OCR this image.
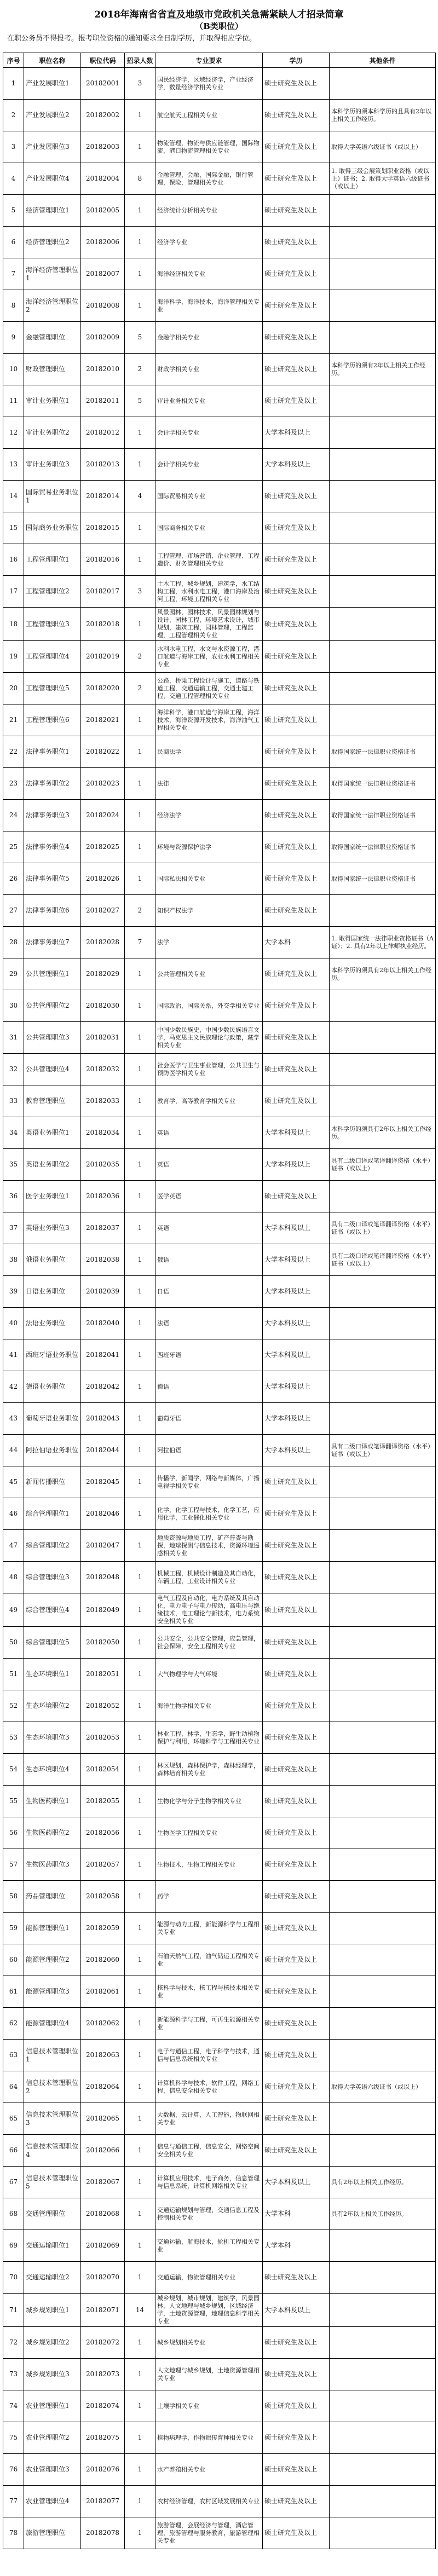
2018年海南省省直及地级市党政机关急需紧缺人才招录简章
（B类职位）
在职公务员不得报考。报考职位资格的通知要求全日制学历，并取得相应学位。
序号	职位名称	职位代码	招录人数	专业要求	学历	其他条件
1	产业发展职位1	20182001	3	国民经济学，区域经济学，产业经济学，数量经济学相关专业	硕士研究生及以上	
2	产业发展职位2	20182002	1	航空航天工程相关专业	硕士研究生及以上	本科学历的须本科学历的且具有2年以上相关工作经历。
3	产业发展职位3	20182003	1	物流管理，物流与供应链管理，国际物流，港口物流管理相关专业	硕士研究生及以上	取得大学英语六级证书（或以上）
4	产业发展职位4	20182004	8	金融管理，会融，国际金融，银行管理，保险，管理相关专业	硕士研究生及以上	1. 取得三级会展策划职业资格（或以上）证书；2. 取得大学英语六级证书（或以上）
5	经济管理职位1	20182005	1	经济统计分析相关专业	硕士研究生及以上	
6	经济管理职位2	20182006	1	经济学专业	硕士研究生及以上	
7	海洋经济管理职位1	20182007	1	海洋经济相关专业	硕士研究生及以上	
8	海洋经济管理职位2	20182008	1	海洋科学，海洋技术，海洋管理相关专业	硕士研究生及以上	
9	金融管理职位	20182009	5	金融学相关专业	硕士研究生及以上	
10	财政管理职位	20182010	2	财政学相关专业	硕士研究生及以上	本科学历的须有2年以上相关工作经历。
11	审计业务职位1	20182011	5	审计业务相关专业	硕士研究生及以上	
12	审计业务职位2	20182012	1	会计学相关专业	大学本科及以上	
13	审计业务职位3	20182013	1	会计学相关专业	大学本科及以上	
14	国际贸易业务职位1	20182014	4	国际贸易相关专业	硕士研究生及以上	
15	国际商务业务职位	20182015	1	国际商务相关专业	硕士研究生及以上	
16	工程管理职位1	20182016	1	工程管理、市场营销、企业管理、工程造价、财务管理相关专业	硕士研究生及以上	
17	工程管理职位2	20182017	3	土木工程，城乡规划，建筑学，水工结构工程，水利水电工程，港口海岸及治河工程，环境工程相关专业	硕士研究生及以上	
18	工程管理职位3	20182018	1	风景园林，园林技术，风景园林规划与设计，园林工程，环境艺术设计，城市规划，建筑工程，园林管理，工程监理，工程管理相关专业	硕士研究生及以上	
19	工程管理职位4	20182019	2	水利水电工程，水文与水资源工程，港口航道与海岸工程，农业水利工程相关专业	硕士研究生及以上	
20	工程管理职位5	20182020	2	公路，桥梁工程设计与施工，道路与铁道工程，交通运输工程，交通土建工程，交通工程管理相关专业	硕士研究生及以上	
21	工程管理职位6	20182021	1	海洋科学，港口航道与海岸工程，海洋技术，海洋资源开发技术，海洋油气工程相关专业	硕士研究生及以上	
22	法律事务职位1	20182022	1	民商法学	硕士研究生及以上	取得国家统一法律职业资格证书
23	法律事务职位2	20182023	1	法律	硕士研究生及以上	取得国家统一法律职业资格证书
24	法律事务职位3	20182024	1	经济法学	硕士研究生及以上	取得国家统一法律职业资格证书
25	法律事务职位4	20182025	1	环境与资源保护法学	硕士研究生及以上	取得国家统一法律职业资格证书
26	法律事务职位5	20182026	1	国际私法相关专业	硕士研究生及以上	取得国家统一法律职业资格证书
27	法律事务职位6	20182027	2	知识产权法学	硕士研究生及以上	
28	法律事务职位7	20182028	7	法学	大学本科	1. 取得国家统一法律职业资格证书（A证）；2. 具有2年以上律师执业经历。
29	公共管理职位1	20182029	1	公共管理相关专业	硕士研究生及以上	本科学历的须具有2年以上相关工作经历。
30	公共管理职位2	20182030	1	国际政治，国际关系，外交学相关专业	硕士研究生及以上	
31	公共管理职位3	20182031	1	中国少数民族史，中国少数民族语言文学，马克思主义民族理论与政策，藏学相关专业	硕士研究生及以上	
32	公共管理职位4	20182032	1	社会医学与卫生事业管理，公共卫生与预防医学相关专业	硕士研究生及以上	
33	教育管理职位	20182033	1	教育学，高等教育学相关专业	硕士研究生及以上	
34	英语业务职位1	20182034	1	英语	大学本科及以上	本科学历的须具有2年以上相关工作经历。
35	英语业务职位2	20182035	1	英语	大学本科及以上	具有二级口译或笔译翻译资格（水平）证书（或以上）
36	医学业务职位1	20182036	1	医学英语	硕士研究生及以上	
37	英语业务职位3	20182037	1	英语	大学本科及以上	具有二级口译或笔译翻译资格（水平）证书（或以上）
38	俄语业务职位	20182038	1	俄语	大学本科及以上	具有二级口译或笔译翻译资格（水平）证书（或以上）
39	日语业务职位	20182039	1	日语	大学本科及以上	
40	法语业务职位	20182040	1	法语	大学本科及以上	
41	西班牙语业务职位	20182041	1	西班牙语	大学本科及以上	
42	德语业务职位	20182042	1	德语	大学本科及以上	
43	葡萄牙语业务职位	20182043	1	葡萄牙语	大学本科及以上	
44	阿拉伯语业务职位	20182044	1	阿拉伯语	大学本科及以上	具有二级口译或笔译翻译资格（水平）证书（或以上）
45	新闻传播职位	20182045	1	传播学，新闻学，网络与新媒体，广播电视学相关专业	硕士研究生及以上	
46	综合管理职位1	20182046	1	化学，化学工程与技术，化学工艺，应用化学，工业催化相关专业	硕士研究生及以上	
47	综合管理职位2	20182047	1	地质资源与地质工程，矿产普查与勘探，地球探测与信息技术，资源环境遥感相关专业	硕士研究生及以上	
48	综合管理职位3	20182048	1	机械工程，机械设计制造及其自动化，车辆工程，工业设计相关专业	硕士研究生及以上	
49	综合管理职位4	20182049	1	电气工程及自动化，电力系统及其自动化，电力电子与电力传动，高电压与绝缘技术，电工理论与新技术，电力系统安全相关专业	硕士研究生及以上	
50	综合管理职位5	20182050	1	公共安全，公共安全管理，应急管理，社会保障，安全工程相关专业	硕士研究生及以上	
51	生态环境职位1	20182051	1	大气物理学与大气环境	硕士研究生及以上	
52	生态环境职位2	20182052	1	海洋生物学相关专业	硕士研究生及以上	
53	生态环境职位3	20182053	1	林业工程，林学，生态学，野生动植物保护与利用，环境科学与工程相关专业	硕士研究生及以上	
54	生态环境职位4	20182054	1	林区规划，森林保护学，森林经理学，森林培育相关专业	硕士研究生及以上	
55	生物医药职位1	20182055	1	生物化学与分子生物学相关专业	硕士研究生及以上	
56	生物医药职位2	20182056	1	生物医学工程相关专业	硕士研究生及以上	
57	生物医药职位3	20182057	1	生物技术，生物工程相关专业	硕士研究生及以上	
58	药品管理职位	20182058	1	药学	硕士研究生及以上	
59	能源管理职位1	20182059	1	能源与动力工程，新能源科学与工程相关专业	硕士研究生及以上	
60	能源管理职位2	20182060	1	石油天然气工程，油气储运工程相关专业	硕士研究生及以上	
61	能源管理职位3	20182061	1	核科学与技术，核工程与核技术相关专业	硕士研究生及以上	
62	能源管理职位4	20182062	1	新能源科学与工程，可再生能源相关专业	硕士研究生及以上	
63	信息技术管理职位1	20182063	1	电子与通信工程，电子科学与技术，通信与信息系统相关专业	硕士研究生及以上	
64	信息技术管理职位2	20182064	1	计算机科学与技术，软件工程，网络工程，信息安全相关专业	硕士研究生及以上	取得大学英语六级证书（或以上）
65	信息技术管理职位3	20182065	1	大数据，云计算，人工智能，物联网相关专业	硕士研究生及以上	
66	信息技术管理职位4	20182066	1	信息与通信工程，信息安全，网络空间安全相关专业	硕士研究生及以上	
67	信息技术管理职位5	20182067	1	计算机应用技术，电子商务，信息管理与信息系统，计算机网络相关专业	大学本科及以上	具有2年以上相关工作经历。
68	交通管理职位	20182068	1	交通运输规划与管理，交通信息工程及控制相关专业	大学本科	具有2年以上相关工作经历。
69	交通运输职位1	20182069	1	交通运输，航海技术，轮机工程相关专业	大学本科	
70	交通运输职位2	20182070	1	交通运输，物流管理相关专业	硕士研究生及以上	
71	城乡规划职位1	20182071	14	城乡规划，城市规划，建筑学，风景园林，人文地理与城乡规划，区域经济学，土地资源管理，地理信息科学相关专业	大学本科及以上	
72	城乡规划职位2	20182072	1	城乡规划相关专业	硕士研究生及以上	
73	城乡规划职位3	20182073	1	人文地理与城乡规划，土地资源管理相关专业	硕士研究生及以上	
74	农业管理职位1	20182074	1	土壤学相关专业	硕士研究生及以上	
75	农业管理职位2	20182075	1	植物病理学，作物遗传育种相关专业	硕士研究生及以上	
76	农业管理职位3	20182076	1	水产养殖相关专业	硕士研究生及以上	
77	农业管理职位4	20182077	1	农村经济管理，农村区域发展相关专业	硕士研究生及以上	
78	旅游管理职位	20182078	1	旅游管理，会展经济与管理，酒店管理，旅游管理与服务教育，旅游管理相关专业	硕士研究生及以上	
